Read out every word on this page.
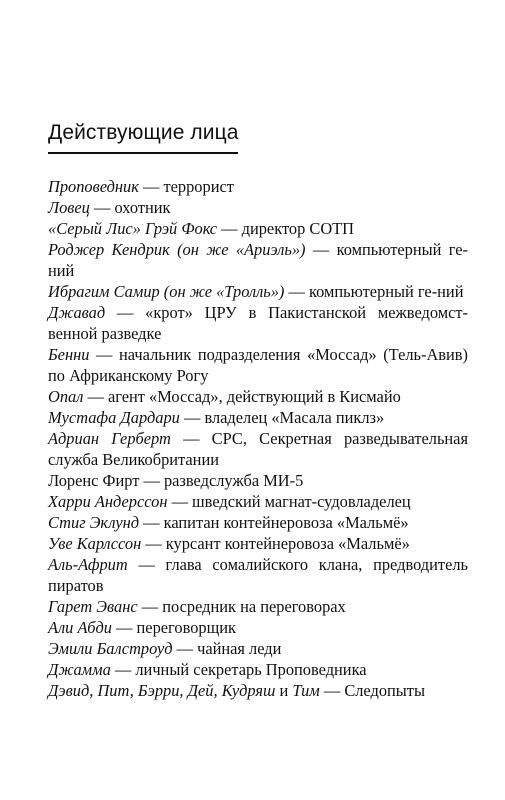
Действующие лица

Проповедник — террорист

Ловец — охотник

«Серый Лис» Грэй Фокс — директор СОТП

Роджер Кендрик (он же «Ариэль») — компьютерный ге-ний

Ибрагим Самир (он же «Тролль») — компьютерный ге-ний

Джавад — «крот» ЦРУ в Пакистанской межведомст-венной разведке

Бенни — начальник подразделения «Моссад» (Тель-Авив) по Африканскому Рогу

Опал — агент «Моссад», действующий в Кисмайо

Мустафа Дардари — владелец «Масала пиклз»

Адриан Герберт — СРС, Секретная разведывательная служба Великобритании

Лоренс Фирт — разведслужба МИ-5

Харри Андерссон — шведский магнат-судовладелец

Стиг Эклунд — капитан контейнеровоза «Мальмё»

Уве Карлссон — курсант контейнеровоза «Мальмё»

Аль-Африт — глава сомалийского клана, предводитель пиратов

Гарет Эванс — посредник на переговорах

Али Абди — переговорщик

Эмили Балстроуд — чайная леди

Джамма — личный секретарь Проповедника

Дэвид, Пит, Бэрри, Дей, Кудряш и Тим — Следопыты
